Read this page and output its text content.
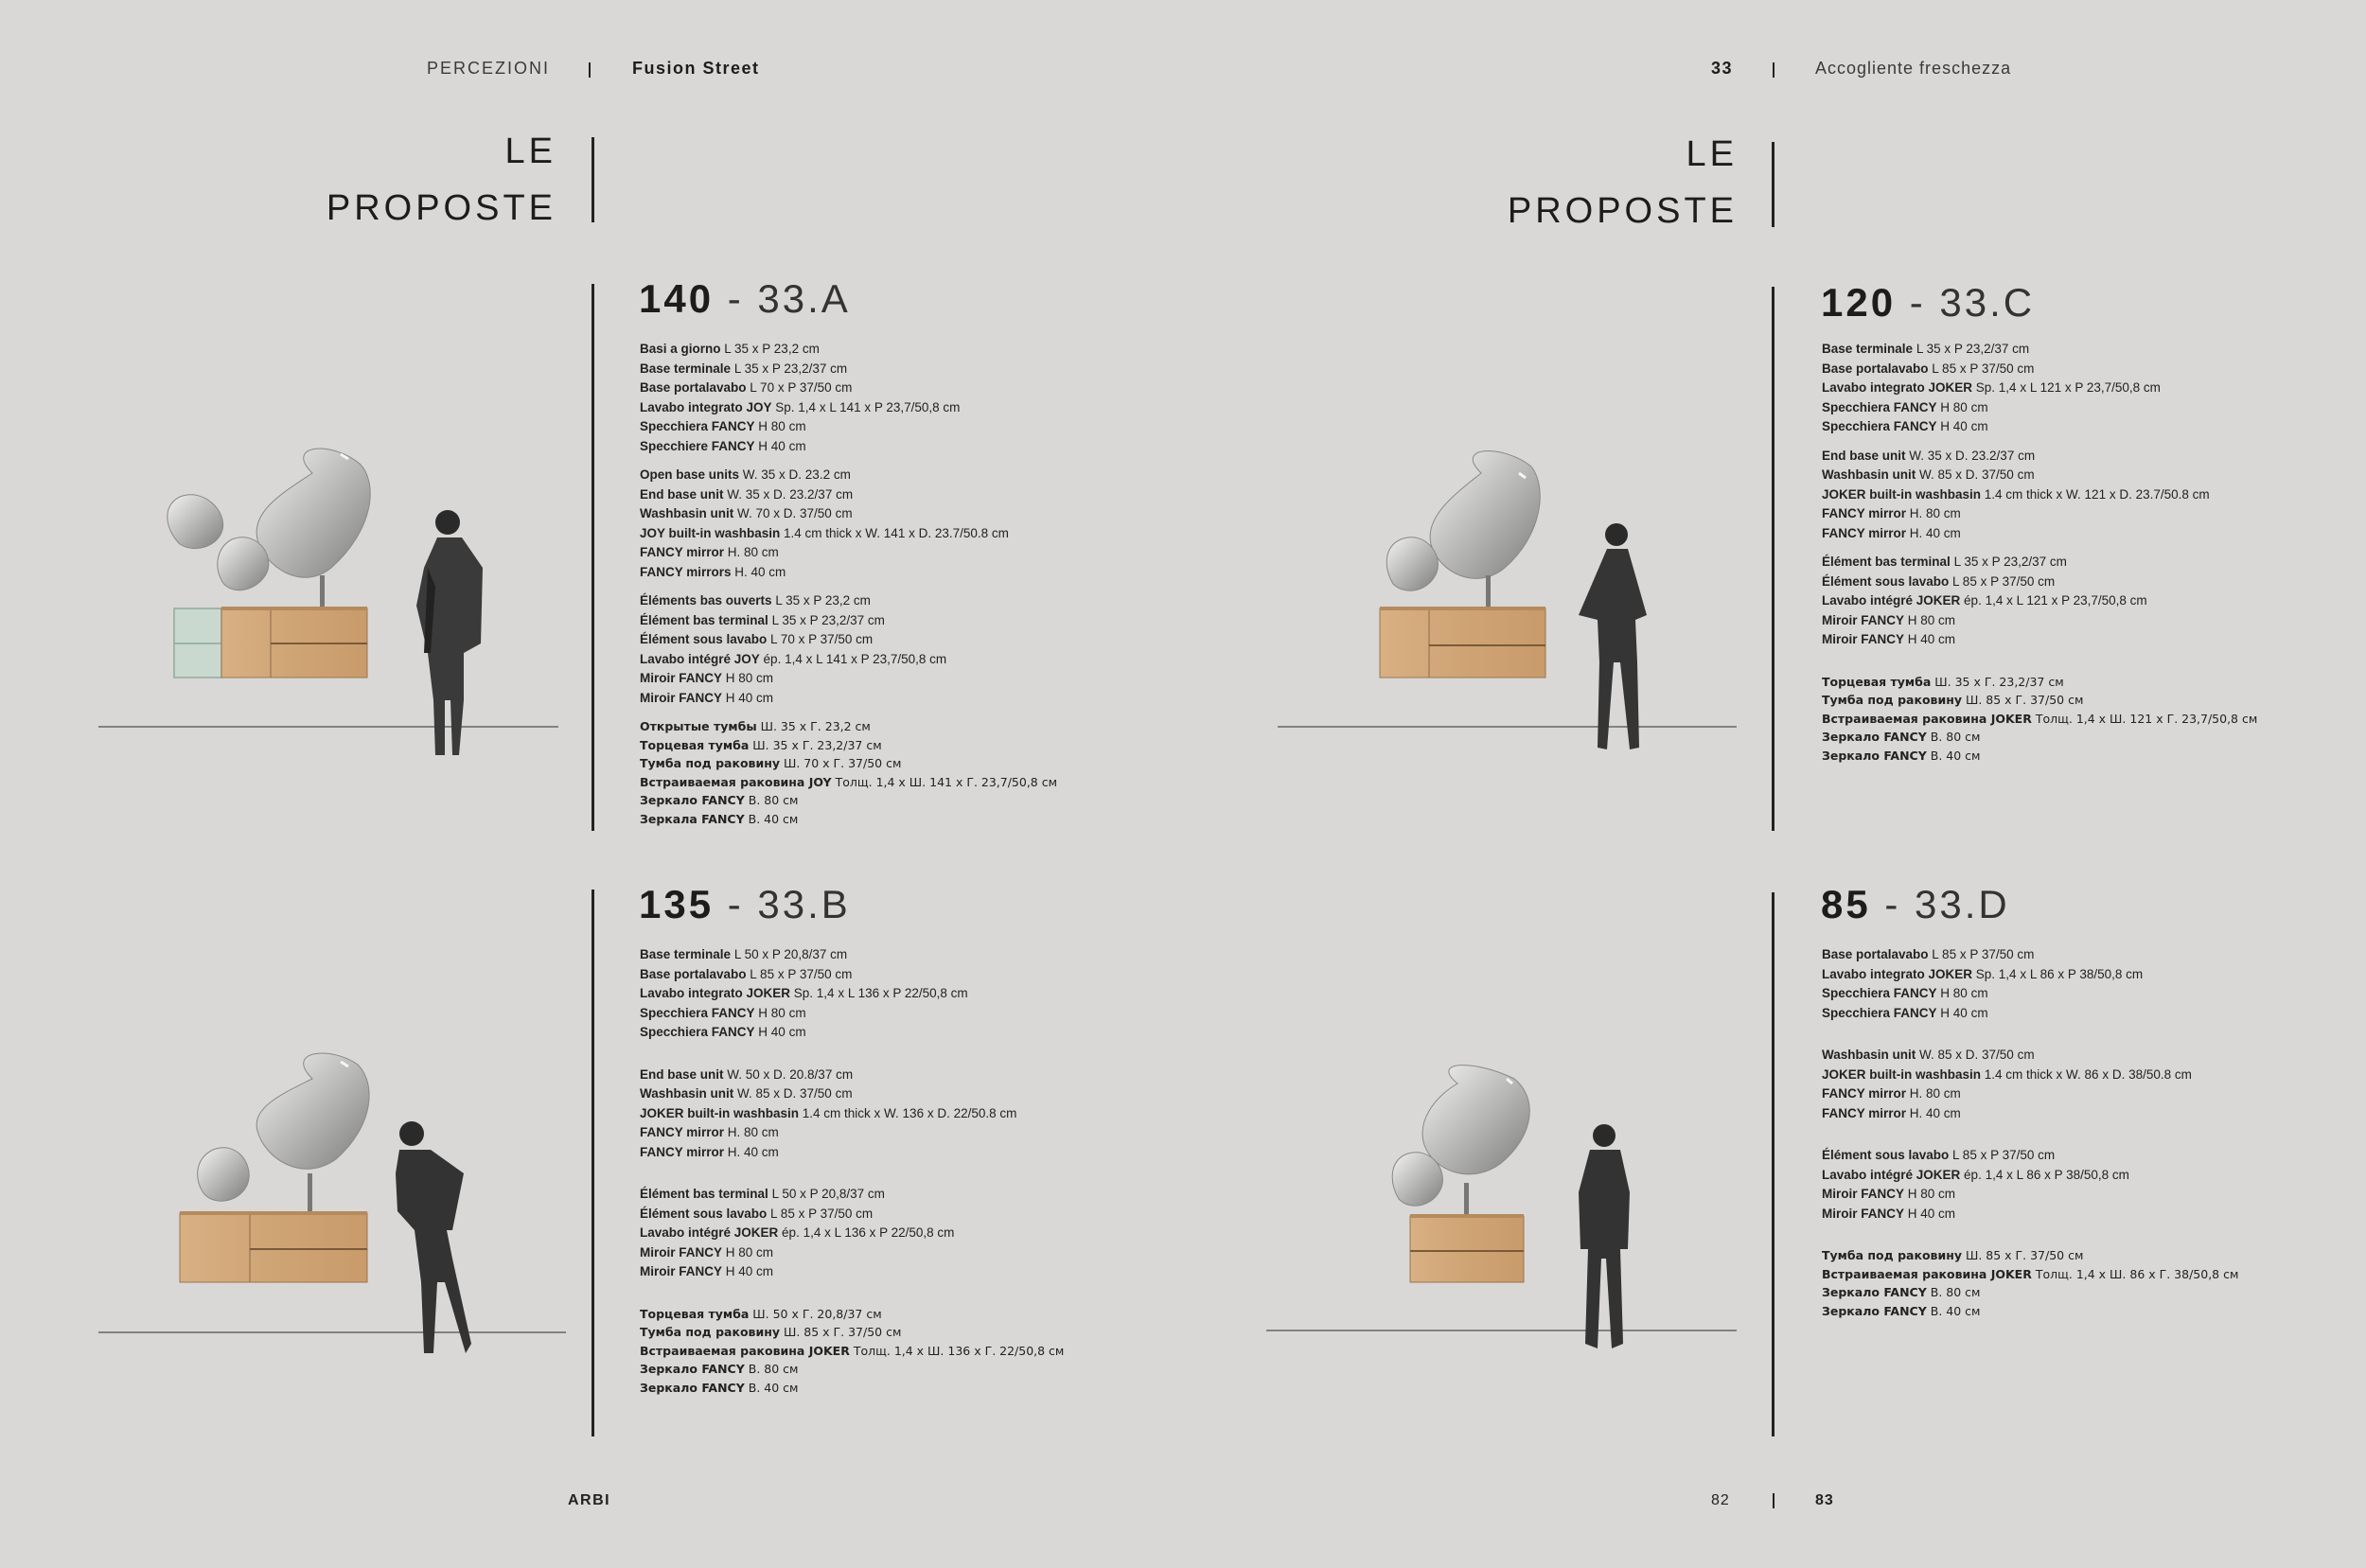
PERCEZIONI	Fusion Street	33	Accogliente freschezza
LE
PROPOSTE
LE
PROPOSTE
140 - 33.A
Basi a giorno L 35 x P 23,2 cm
Base terminale L 35 x P 23,2/37 cm
Base portalavabo L 70 x P 37/50 cm
Lavabo integrato JOY Sp. 1,4 x L 141 x P 23,7/50,8 cm
Specchiera FANCY H 80 cm
Specchiere FANCY H 40 cm
Open base units W. 35 x D. 23.2 cm
End base unit W. 35 x D. 23.2/37 cm
Washbasin unit W. 70 x D. 37/50 cm
JOY built-in washbasin 1.4 cm thick x W. 141 x D. 23.7/50.8 cm
FANCY mirror H. 80 cm
FANCY mirrors H. 40 cm
Éléments bas ouverts L 35 x P 23,2 cm
Élément bas terminal L 35 x P 23,2/37 cm
Élément sous lavabo L 70 x P 37/50 cm
Lavabo intégré JOY ép. 1,4 x L 141 x P 23,7/50,8 cm
Miroir FANCY H 80 cm
Miroir FANCY H 40 cm
Открытые тумбы Ш. 35 x Г. 23,2 см
Торцевая тумба Ш. 35 x Г. 23,2/37 см
Тумба под раковину Ш. 70 x Г. 37/50 см
Встраиваемая раковина JOY Толщ. 1,4 x Ш. 141 x Г. 23,7/50,8 см
Зеркало FANCY В. 80 см
Зеркала FANCY В. 40 см
135 - 33.B
Base terminale L 50 x P 20,8/37 cm
Base portalavabo L 85 x P 37/50 cm
Lavabo integrato JOKER Sp. 1,4 x L 136 x P 22/50,8 cm
Specchiera FANCY H 80 cm
Specchiera FANCY H 40 cm
End base unit W. 50 x D. 20.8/37 cm
Washbasin unit W. 85 x D. 37/50 cm
JOKER built-in washbasin 1.4 cm thick x W. 136 x D. 22/50.8 cm
FANCY mirror H. 80 cm
FANCY mirror H. 40 cm
Élément bas terminal L 50 x P 20,8/37 cm
Élément sous lavabo L 85 x P 37/50 cm
Lavabo intégré JOKER ép. 1,4 x L 136 x P 22/50,8 cm
Miroir FANCY H 80 cm
Miroir FANCY H 40 cm
Торцевая тумба Ш. 50 x Г. 20,8/37 см
Тумба под раковину Ш. 85 x Г. 37/50 см
Встраиваемая раковина JOKER Толщ. 1,4 x Ш. 136 x Г. 22/50,8 см
Зеркало FANCY В. 80 см
Зеркало FANCY В. 40 см
120 - 33.C
Base terminale L 35 x P 23,2/37 cm
Base portalavabo L 85 x P 37/50 cm
Lavabo integrato JOKER Sp. 1,4 x L 121 x P 23,7/50,8 cm
Specchiera FANCY H 80 cm
Specchiera FANCY H 40 cm
End base unit W. 35 x D. 23.2/37 cm
Washbasin unit W. 85 x D. 37/50 cm
JOKER built-in washbasin 1.4 cm thick x W. 121 x D. 23.7/50.8 cm
FANCY mirror H. 80 cm
FANCY mirror H. 40 cm
Élément bas terminal L 35 x P 23,2/37 cm
Élément sous lavabo L 85 x P 37/50 cm
Lavabo intégré JOKER ép. 1,4 x L 121 x P 23,7/50,8 cm
Miroir FANCY H 80 cm
Miroir FANCY H 40 cm
Торцевая тумба Ш. 35 x Г. 23,2/37 см
Тумба под раковину Ш. 85 x Г. 37/50 см
Встраиваемая раковина JOKER Толщ. 1,4 x Ш. 121 x Г. 23,7/50,8 см
Зеркало FANCY В. 80 см
Зеркало FANCY В. 40 см
85 - 33.D
Base portalavabo L 85 x P 37/50 cm
Lavabo integrato JOKER Sp. 1,4 x L 86 x P 38/50,8 cm
Specchiera FANCY H 80 cm
Specchiera FANCY H 40 cm
Washbasin unit W. 85 x D. 37/50 cm
JOKER built-in washbasin 1.4 cm thick x W. 86 x D. 38/50.8 cm
FANCY mirror H. 80 cm
FANCY mirror H. 40 cm
Élément sous lavabo L 85 x P 37/50 cm
Lavabo intégré JOKER ép. 1,4 x L 86 x P 38/50,8 cm
Miroir FANCY H 80 cm
Miroir FANCY H 40 cm
Тумба под раковину Ш. 85 x Г. 37/50 см
Встраиваемая раковина JOKER Толщ. 1,4 x Ш. 86 x Г. 38/50,8 см
Зеркало FANCY В. 80 см
Зеркало FANCY В. 40 см
ARBI	82	83
